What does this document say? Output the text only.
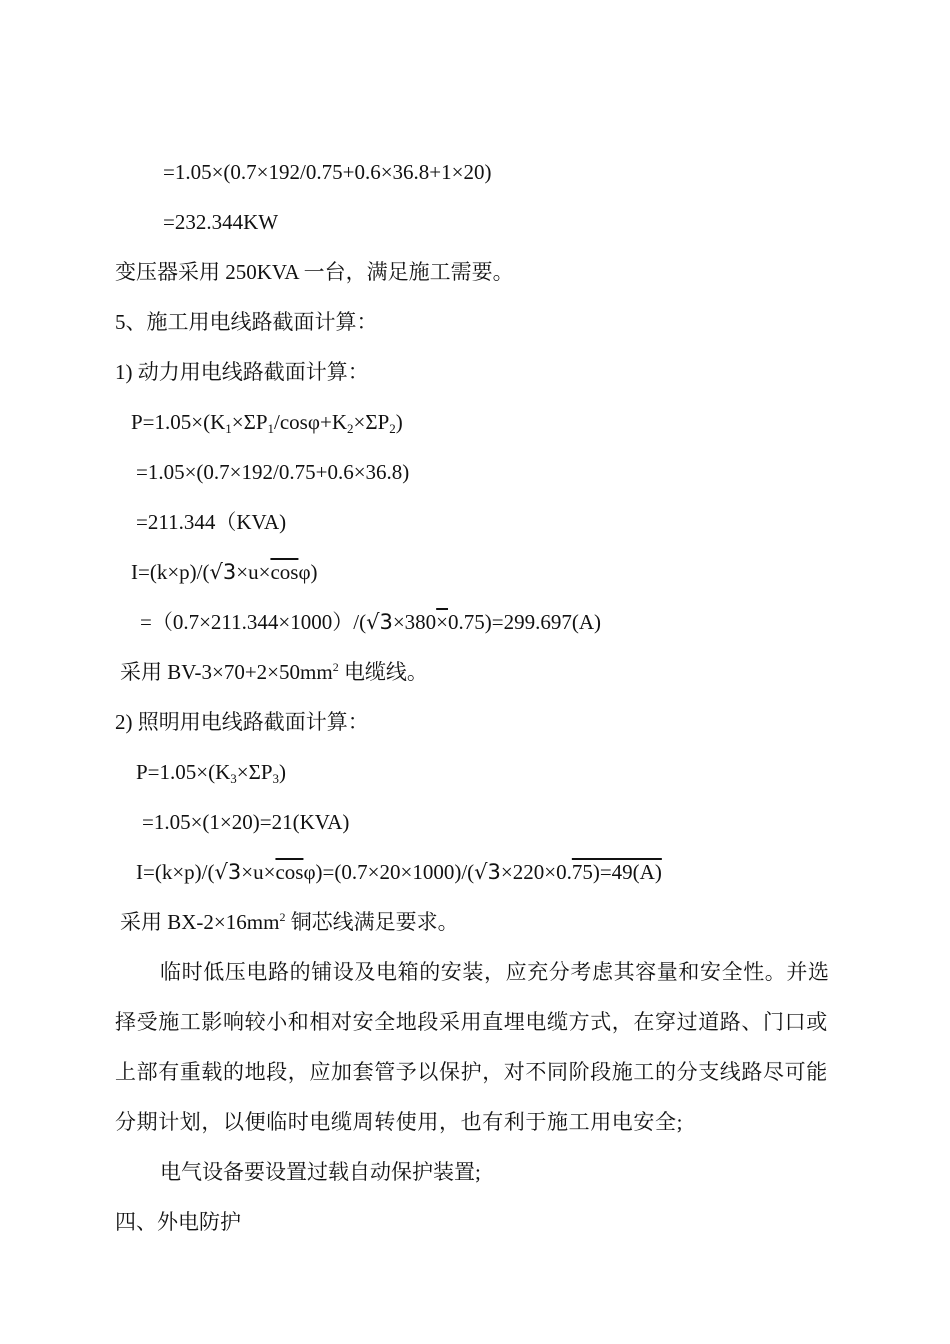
=1.05×(0.7×192/0.75+0.6×36.8+1×20)
=232.344KW
变压器采用 250KVA 一台，满足施工需要。
5、施工用电线路截面计算：
1) 动力用电线路截面计算：
$P=1.05\times(K_1\times\Sigma P_1/\cos\varphi+K_2\times\Sigma P_2)$
=1.05×(0.7×192/0.75+0.6×36.8)
=211.344（KVA)
$I=(k\times p)/(√3\times u\times\overline{cos}\varphi)$
=（0.7×211.344×1000）/(√3×380×0.75)=299.697(A)
采用 $BV-3\times 70+2\times 50mm^2$ 电缆线。
2) 照明用电线路截面计算：
$P=1.05\times(K_3\times\Sigma P_3)$
=1.05×(1×20)=21(KVA)
$I=(k\times p)/(√3\times u\times\overline{cos}\varphi)=(0.7\times 20\times 1000)/(√3\times 220\times 0.75)=49(A)$
采用 $BX-2\times 16mm^2$ 铜芯线满足要求。
临时低压电路的铺设及电箱的安装，应充分考虑其容量和安全性。并选
择受施工影响较小和相对安全地段采用直埋电缆方式，在穿过道路、门口或
上部有重载的地段，应加套管予以保护，对不同阶段施工的分支线路尽可能
分期计划，以便临时电缆周转使用，也有利于施工用电安全;
电气设备要设置过载自动保护装置;
四、外电防护
